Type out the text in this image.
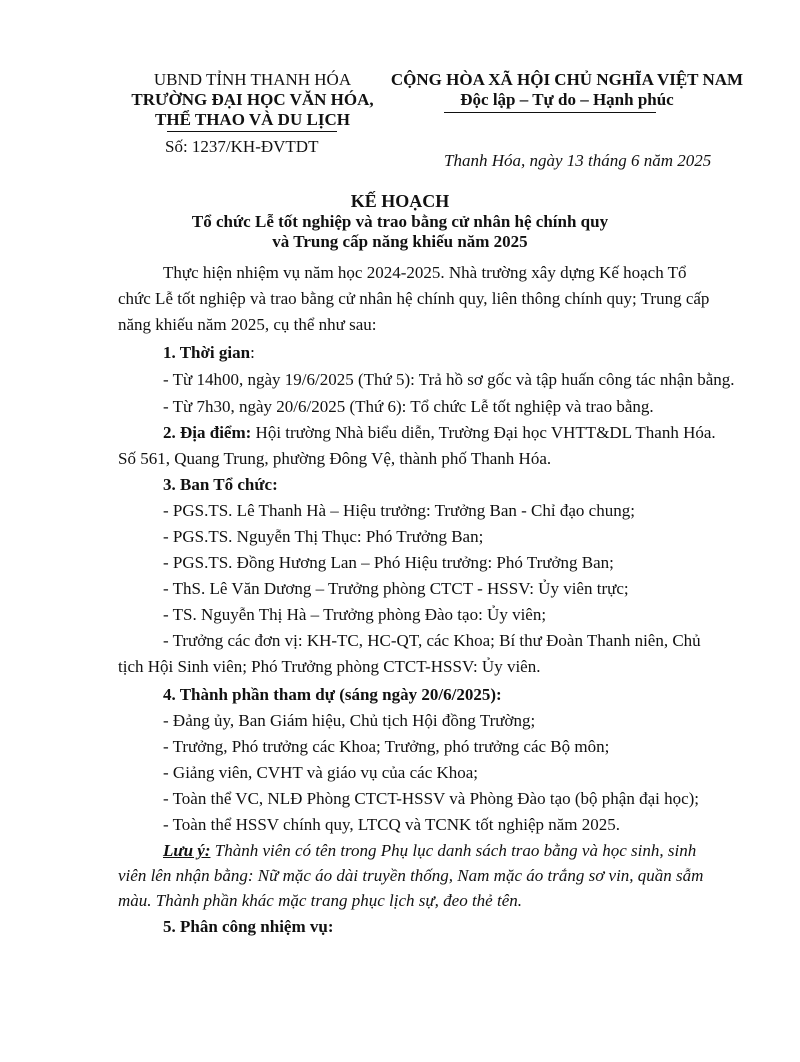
UBND TỈNH THANH HÓA
TRƯỜNG ĐẠI HỌC VĂN HÓA,
THỂ THAO VÀ DU LỊCH
Số: 1237/KH-ĐVTDT
CỘNG HÒA XÃ HỘI CHỦ NGHĨA VIỆT NAM
Độc lập – Tự do – Hạnh phúc
Thanh Hóa, ngày 13 tháng 6 năm 2025
KẾ HOẠCH
Tổ chức Lễ tốt nghiệp và trao bằng cử nhân hệ chính quy
và Trung cấp năng khiếu năm 2025
Thực hiện nhiệm vụ năm học 2024-2025. Nhà trường xây dựng Kế hoạch Tổ
chức Lễ tốt nghiệp và trao bằng cử nhân hệ chính quy, liên thông chính quy; Trung cấp
năng khiếu năm 2025, cụ thể như sau:
1. Thời gian:
- Từ 14h00, ngày 19/6/2025 (Thứ 5): Trả hồ sơ gốc và tập huấn công tác nhận bằng.
- Từ 7h30, ngày 20/6/2025 (Thứ 6): Tổ chức Lễ tốt nghiệp và trao bằng.
2. Địa điểm: Hội trường Nhà biểu diễn, Trường Đại học VHTT&DL Thanh Hóa.
Số 561, Quang Trung, phường Đông Vệ, thành phố Thanh Hóa.
3. Ban Tổ chức:
- PGS.TS. Lê Thanh Hà – Hiệu trưởng: Trưởng Ban - Chỉ đạo chung;
- PGS.TS. Nguyễn Thị Thục: Phó Trưởng Ban;
- PGS.TS. Đồng Hương Lan – Phó Hiệu trưởng: Phó Trưởng Ban;
- ThS. Lê Văn Dương – Trưởng phòng CTCT - HSSV: Ủy viên trực;
- TS. Nguyễn Thị Hà – Trưởng phòng Đào tạo: Ủy viên;
- Trưởng các đơn vị: KH-TC, HC-QT, các Khoa; Bí thư Đoàn Thanh niên, Chủ
tịch Hội Sinh viên; Phó Trưởng phòng CTCT-HSSV: Ủy viên.
4. Thành phần tham dự (sáng ngày 20/6/2025):
- Đảng ủy, Ban Giám hiệu, Chủ tịch Hội đồng Trường;
- Trưởng, Phó trưởng các Khoa; Trưởng, phó trưởng các Bộ môn;
- Giảng viên, CVHT và giáo vụ của các Khoa;
- Toàn thể VC, NLĐ Phòng CTCT-HSSV và Phòng Đào tạo (bộ phận đại học);
- Toàn thể HSSV chính quy, LTCQ và TCNK tốt nghiệp năm 2025.
Lưu ý: Thành viên có tên trong Phụ lục danh sách trao bằng và học sinh, sinh
viên lên nhận bằng: Nữ mặc áo dài truyền thống, Nam mặc áo trắng sơ vin, quần sẫm
màu. Thành phần khác mặc trang phục lịch sự, đeo thẻ tên.
5. Phân công nhiệm vụ:
